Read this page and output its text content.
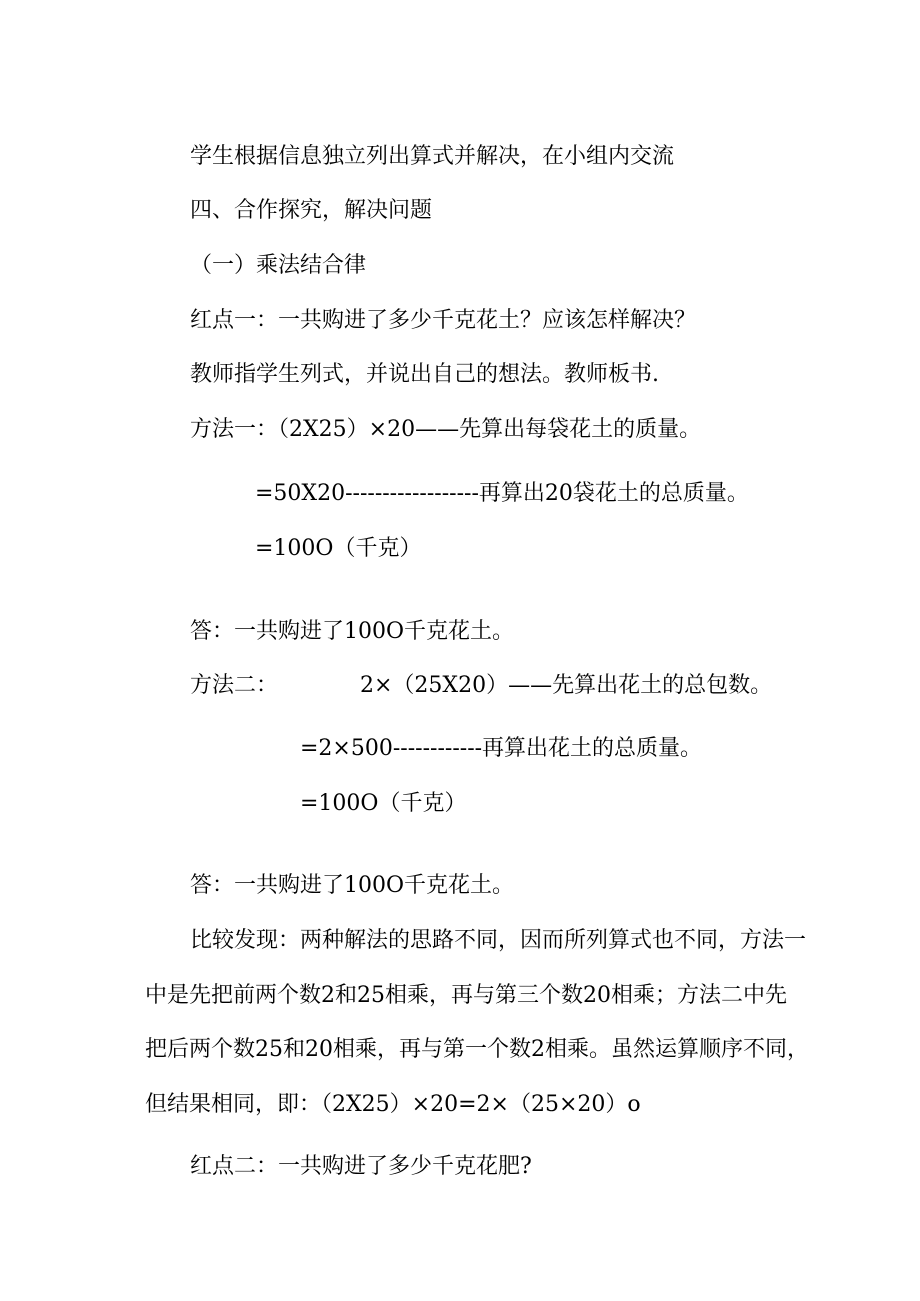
学生根据信息独立列出算式并解决，在小组内交流

四、合作探究，解决问题

（一）乘法结合律

红点一：一共购进了多少千克花土？应该怎样解决？

教师指学生列式，并说出自己的想法。教师板书.

方法一：（2X25）×20——先算出每袋花土的质量。

=50X20------------------再算出20袋花土的总质量。

=100O（千克）

答：一共购进了100O千克花土。

方法二：	2×（25X20）——先算出花土的总包数。

=2×500------------再算出花土的总质量。

=100O（千克）

答：一共购进了100O千克花土。

比较发现：两种解法的思路不同，因而所列算式也不同，方法一

中是先把前两个数2和25相乘，再与第三个数20相乘；方法二中先

把后两个数25和20相乘，再与第一个数2相乘。虽然运算顺序不同，

但结果相同，即：（2X25）×20=2×（25×20）o

红点二：一共购进了多少千克花肥?
